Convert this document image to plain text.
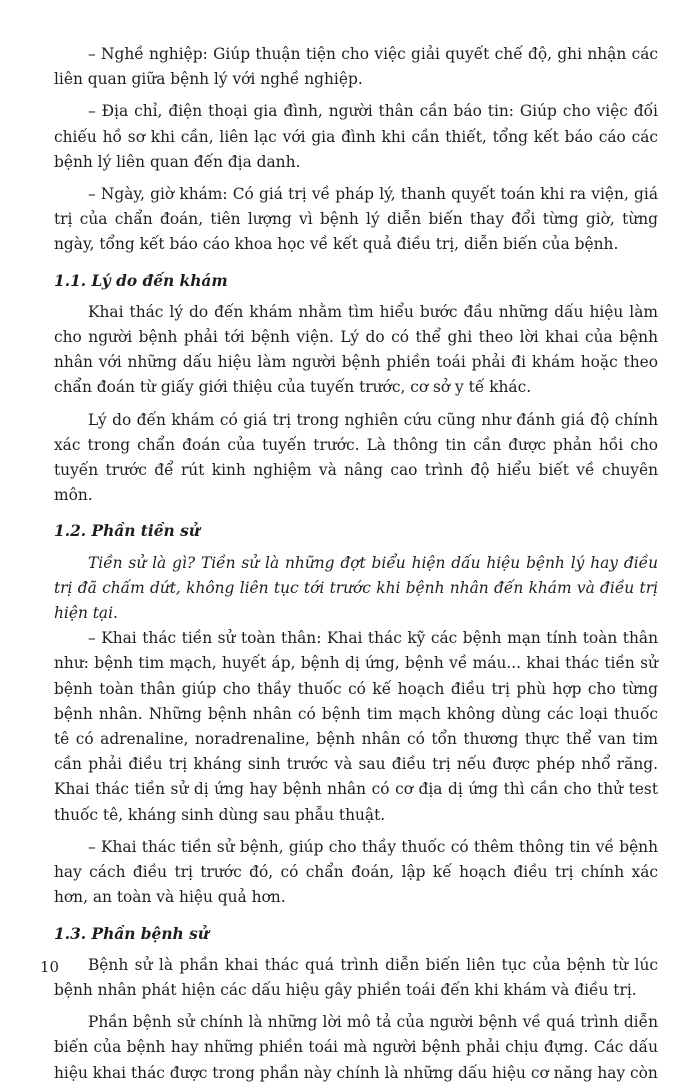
– Nghề nghiệp: Giúp thuận tiện cho việc giải quyết chế độ, ghi nhận các liên quan giữa bệnh lý với nghề nghiệp.

– Địa chỉ, điện thoại gia đình, người thân cần báo tin: Giúp cho việc đối chiếu hồ sơ khi cần, liên lạc với gia đình khi cần thiết, tổng kết báo cáo các bệnh lý liên quan đến địa danh.

– Ngày, giờ khám: Có giá trị về pháp lý, thanh quyết toán khi ra viện, giá trị của chẩn đoán, tiên lượng vì bệnh lý diễn biến thay đổi từng giờ, từng ngày, tổng kết báo cáo khoa học về kết quả điều trị, diễn biến của bệnh.

1.1. Lý do đến khám

Khai thác lý do đến khám nhằm tìm hiểu bước đầu những dấu hiệu làm cho người bệnh phải tới bệnh viện. Lý do có thể ghi theo lời khai của bệnh nhân với những dấu hiệu làm người bệnh phiền toái phải đi khám hoặc theo chẩn đoán từ giấy giới thiệu của tuyến trước, cơ sở y tế khác.

Lý do đến khám có giá trị trong nghiên cứu cũng như đánh giá độ chính xác trong chẩn đoán của tuyến trước. Là thông tin cần được phản hồi cho tuyến trước để rút kinh nghiệm và nâng cao trình độ hiểu biết về chuyên môn.

1.2. Phần tiền sử

Tiền sử là gì? Tiền sử là những đợt biểu hiện dấu hiệu bệnh lý hay điều trị đã chấm dứt, không liên tục tới trước khi bệnh nhân đến khám và điều trị hiện tại.

– Khai thác tiền sử toàn thân: Khai thác kỹ các bệnh mạn tính toàn thân như: bệnh tim mạch, huyết áp, bệnh dị ứng, bệnh về máu... khai thác tiền sử bệnh toàn thân giúp cho thầy thuốc có kế hoạch điều trị phù hợp cho từng bệnh nhân. Những bệnh nhân có bệnh tim mạch không dùng các loại thuốc tê có adrenaline, noradrenaline, bệnh nhân có tổn thương thực thể van tim cần phải điều trị kháng sinh trước và sau điều trị nếu được phép nhổ răng. Khai thác tiền sử dị ứng hay bệnh nhân có cơ địa dị ứng thì cần cho thử test thuốc tê, kháng sinh dùng sau phẫu thuật.

– Khai thác tiền sử bệnh, giúp cho thầy thuốc có thêm thông tin về bệnh hay cách điều trị trước đó, có chẩn đoán, lập kế hoạch điều trị chính xác hơn, an toàn và hiệu quả hơn.

1.3. Phần bệnh sử

Bệnh sử là phần khai thác quá trình diễn biến liên tục của bệnh từ lúc bệnh nhân phát hiện các dấu hiệu gây phiền toái đến khi khám và điều trị.

Phần bệnh sử chính là những lời mô tả của người bệnh về quá trình diễn biến của bệnh hay những phiền toái mà người bệnh phải chịu đựng. Các dấu hiệu khai thác được trong phần này chính là những dấu hiệu cơ năng hay còn

10
